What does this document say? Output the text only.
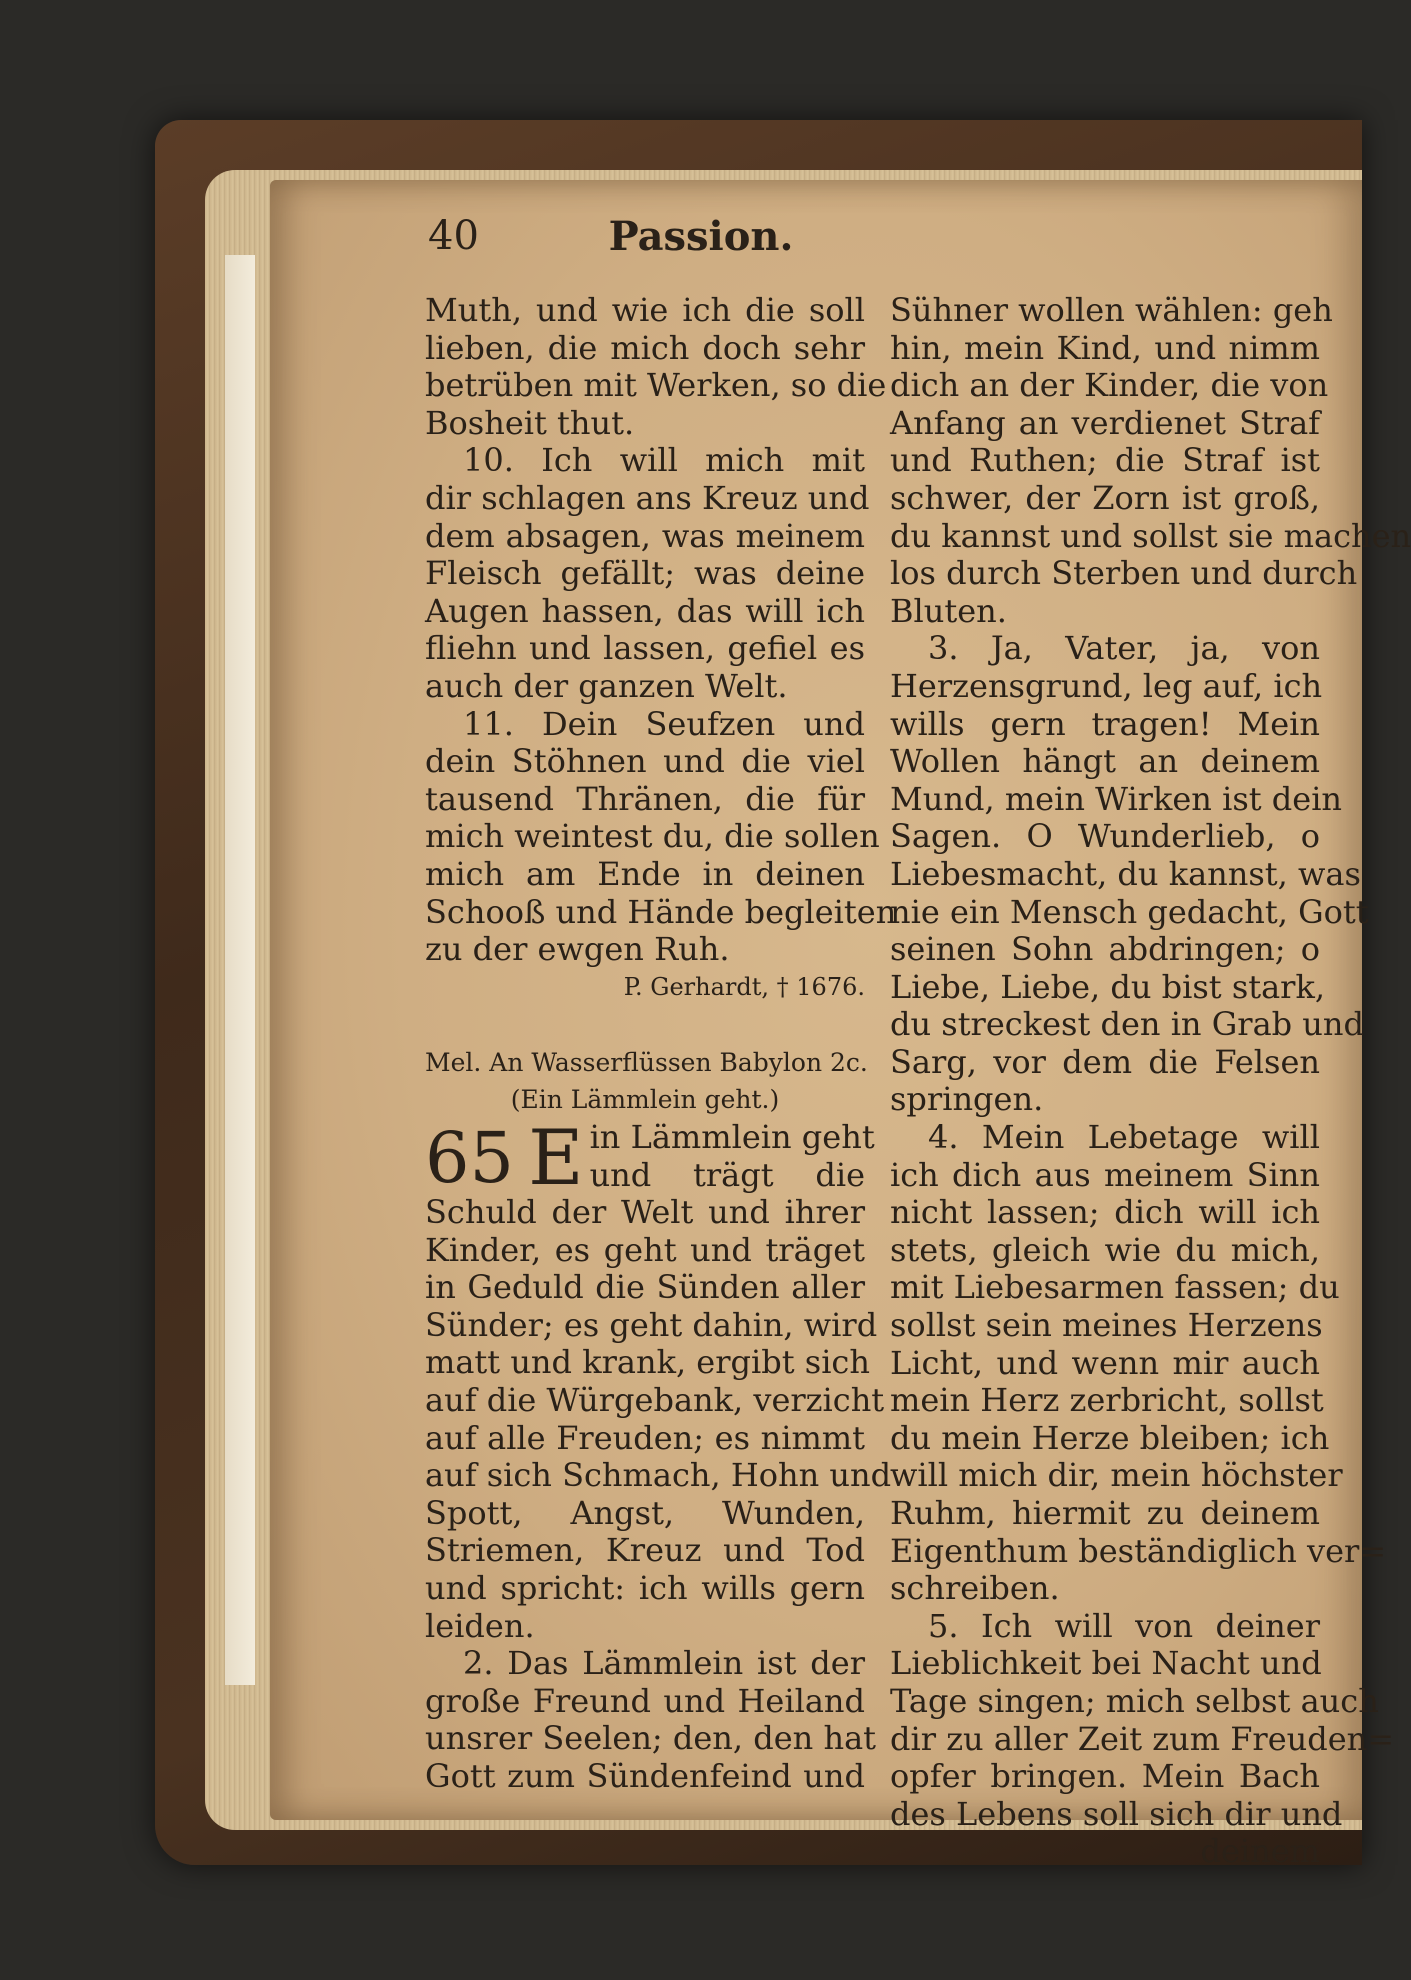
40	Passion.
Muth, und wie ich die soll
lieben, die mich doch sehr
betrüben mit Werken, so die
Bosheit thut.
10. Ich will mich mit
dir schlagen ans Kreuz und
dem absagen, was meinem
Fleisch gefällt; was deine
Augen hassen, das will ich
fliehn und lassen, gefiel es
auch der ganzen Welt.
11. Dein Seufzen und
dein Stöhnen und die viel
tausend Thränen, die für
mich weintest du, die sollen
mich am Ende in deinen
Schooß und Hände begleiten
zu der ewgen Ruh.
P. Gerhardt, † 1676.
Mel. An Wasserflüssen Babylon 2c.
(Ein Lämmlein geht.)
65 E in Lämmlein geht
und trägt die
Schuld der Welt und ihrer
Kinder, es geht und träget
in Geduld die Sünden aller
Sünder; es geht dahin, wird
matt und krank, ergibt sich
auf die Würgebank, verzicht
auf alle Freuden; es nimmt
auf sich Schmach, Hohn und
Spott, Angst, Wunden,
Striemen, Kreuz und Tod
und spricht: ich wills gern
leiden.
2. Das Lämmlein ist der
große Freund und Heiland
unsrer Seelen; den, den hat
Gott zum Sündenfeind und
Sühner wollen wählen: geh
hin, mein Kind, und nimm
dich an der Kinder, die von
Anfang an verdienet Straf
und Ruthen; die Straf ist
schwer, der Zorn ist groß,
du kannst und sollst sie machen
los durch Sterben und durch
Bluten.
3. Ja, Vater, ja, von
Herzensgrund, leg auf, ich
wills gern tragen! Mein
Wollen hängt an deinem
Mund, mein Wirken ist dein
Sagen. O Wunderlieb, o
Liebesmacht, du kannst, was
nie ein Mensch gedacht, Gott
seinen Sohn abdringen; o
Liebe, Liebe, du bist stark,
du streckest den in Grab und
Sarg, vor dem die Felsen
springen.
4. Mein Lebetage will
ich dich aus meinem Sinn
nicht lassen; dich will ich
stets, gleich wie du mich,
mit Liebesarmen fassen; du
sollst sein meines Herzens
Licht, und wenn mir auch
mein Herz zerbricht, sollst
du mein Herze bleiben; ich
will mich dir, mein höchster
Ruhm, hiermit zu deinem
Eigenthum beständiglich ver=
schreiben.
5. Ich will von deiner
Lieblichkeit bei Nacht und
Tage singen; mich selbst auch
dir zu aller Zeit zum Freuden=
opfer bringen. Mein Bach
des Lebens soll sich dir und
deinem
